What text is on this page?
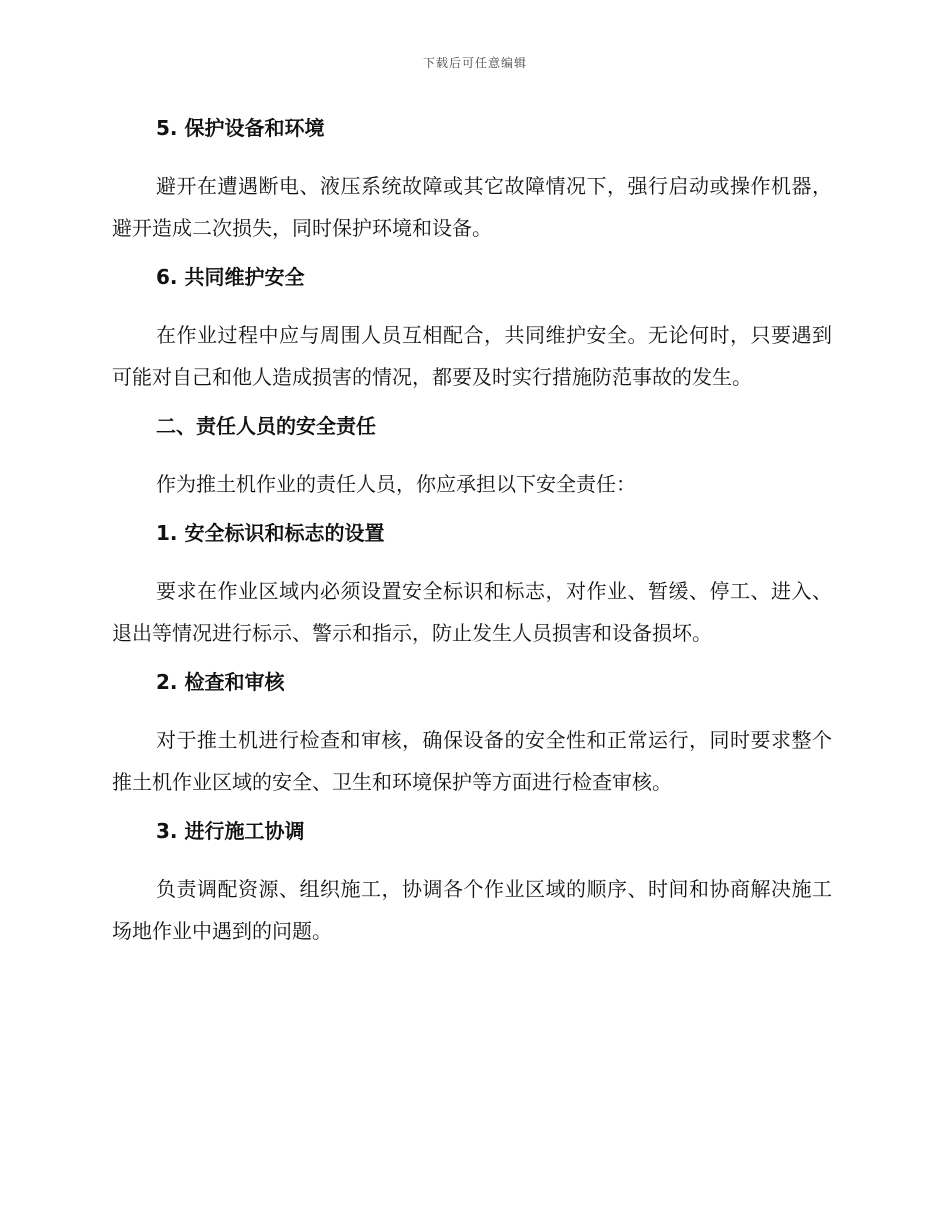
下载后可任意编辑
5. 保护设备和环境

避开在遭遇断电、液压系统故障或其它故障情况下，强行启动或操作机器，避开造成二次损失，同时保护环境和设备。

6. 共同维护安全

在作业过程中应与周围人员互相配合，共同维护安全。无论何时，只要遇到可能对自己和他人造成损害的情况，都要及时实行措施防范事故的发生。

二、责任人员的安全责任

作为推土机作业的责任人员，你应承担以下安全责任：

1. 安全标识和标志的设置

要求在作业区域内必须设置安全标识和标志，对作业、暂缓、停工、进入、退出等情况进行标示、警示和指示，防止发生人员损害和设备损坏。

2. 检查和审核

对于推土机进行检查和审核，确保设备的安全性和正常运行，同时要求整个推土机作业区域的安全、卫生和环境保护等方面进行检查审核。

3. 进行施工协调

负责调配资源、组织施工，协调各个作业区域的顺序、时间和协商解决施工场地作业中遇到的问题。
